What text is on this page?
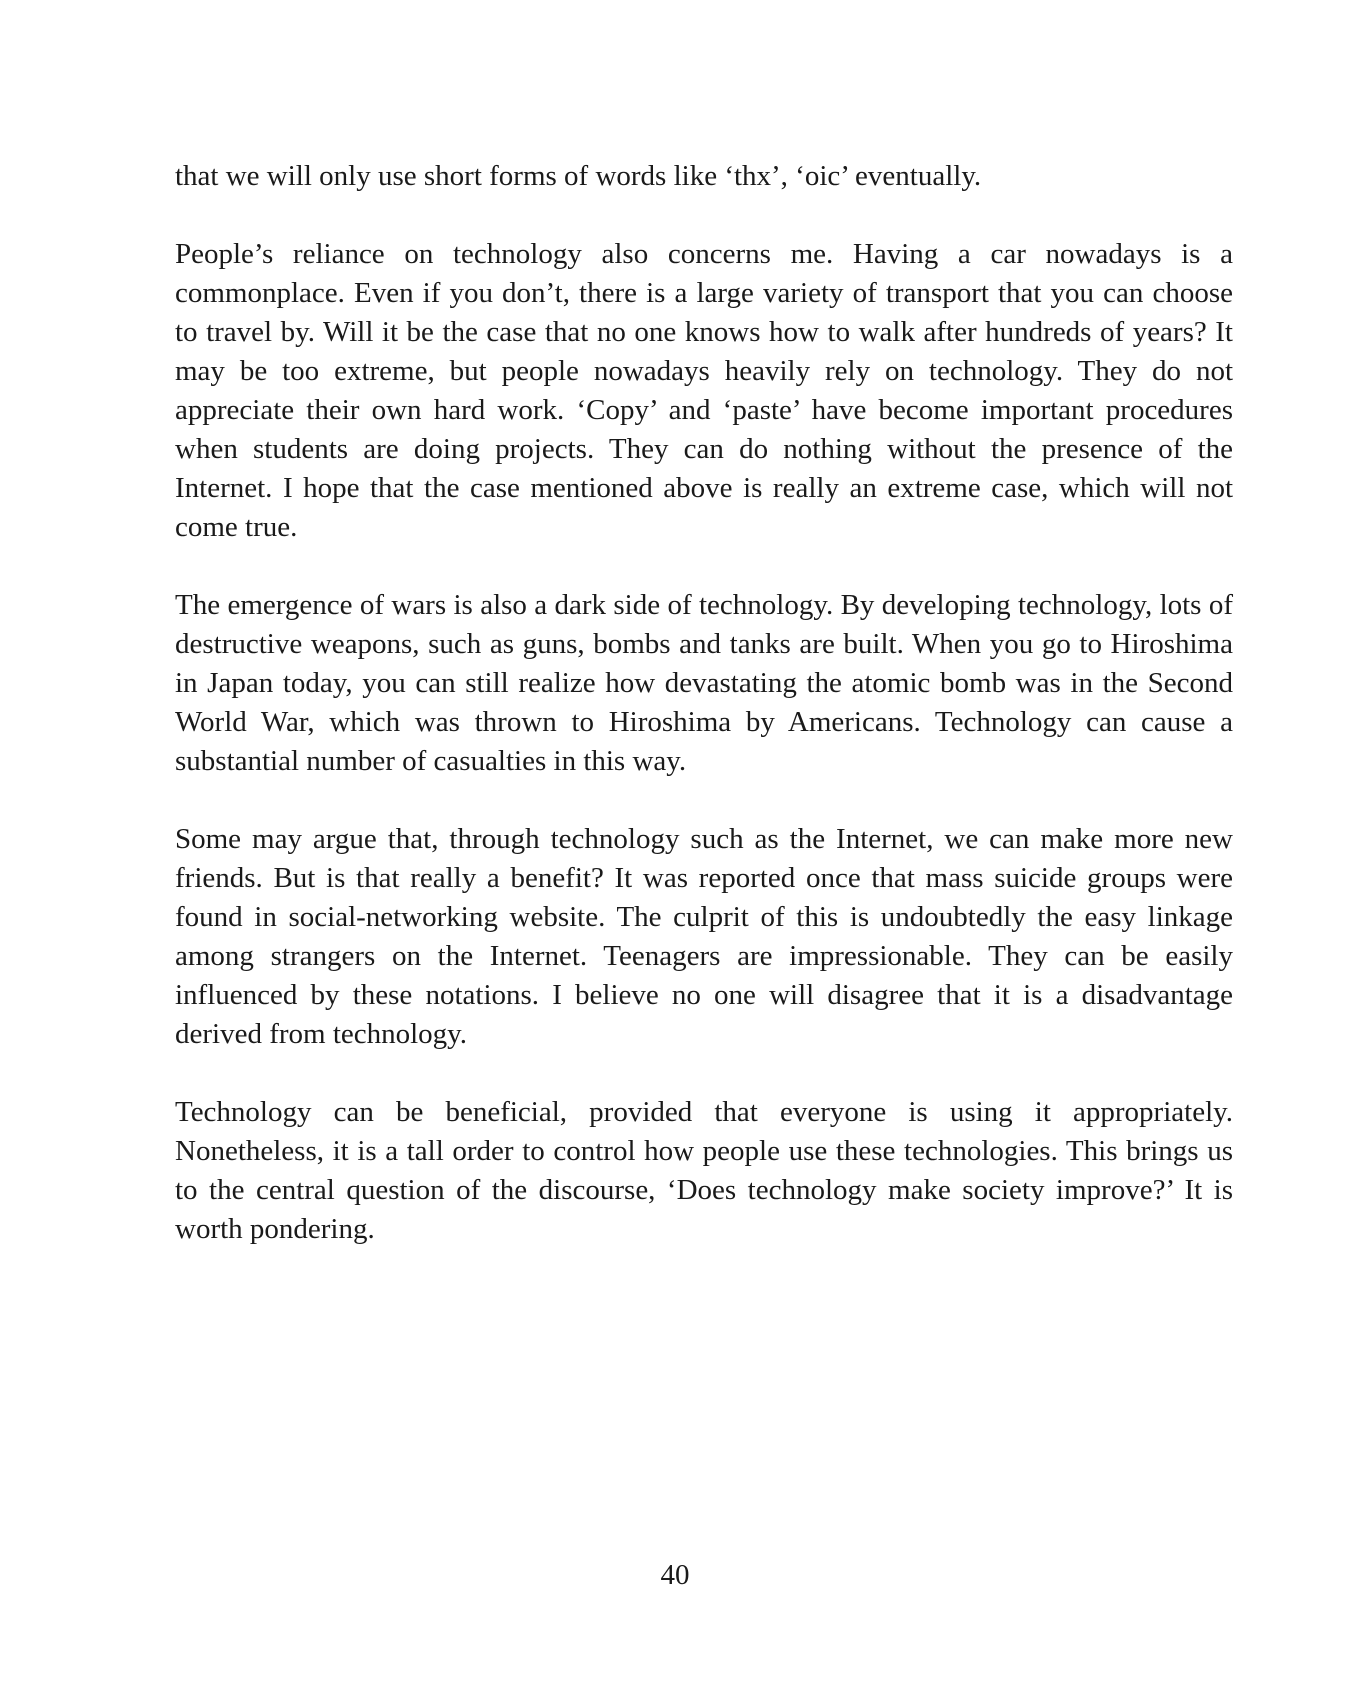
that we will only use short forms of words like ‘thx’, ‘oic’ eventually.

People’s reliance on technology also concerns me. Having a car nowadays is a commonplace. Even if you don’t, there is a large variety of transport that you can choose to travel by. Will it be the case that no one knows how to walk after hundreds of years? It may be too extreme, but people nowadays heavily rely on technology. They do not appreciate their own hard work. ‘Copy’ and ‘paste’ have become important procedures when students are doing projects. They can do nothing without the presence of the Internet. I hope that the case mentioned above is really an extreme case, which will not come true.

The emergence of wars is also a dark side of technology. By developing technology, lots of destructive weapons, such as guns, bombs and tanks are built. When you go to Hiroshima in Japan today, you can still realize how devastating the atomic bomb was in the Second World War, which was thrown to Hiroshima by Americans. Technology can cause a substantial number of casualties in this way.

Some may argue that, through technology such as the Internet, we can make more new friends. But is that really a benefit? It was reported once that mass suicide groups were found in social-networking website. The culprit of this is undoubtedly the easy linkage among strangers on the Internet. Teenagers are impressionable. They can be easily influenced by these notations. I believe no one will disagree that it is a disadvantage derived from technology.

Technology can be beneficial, provided that everyone is using it appropriately. Nonetheless, it is a tall order to control how people use these technologies. This brings us to the central question of the discourse, ‘Does technology make society improve?’ It is worth pondering.

40
